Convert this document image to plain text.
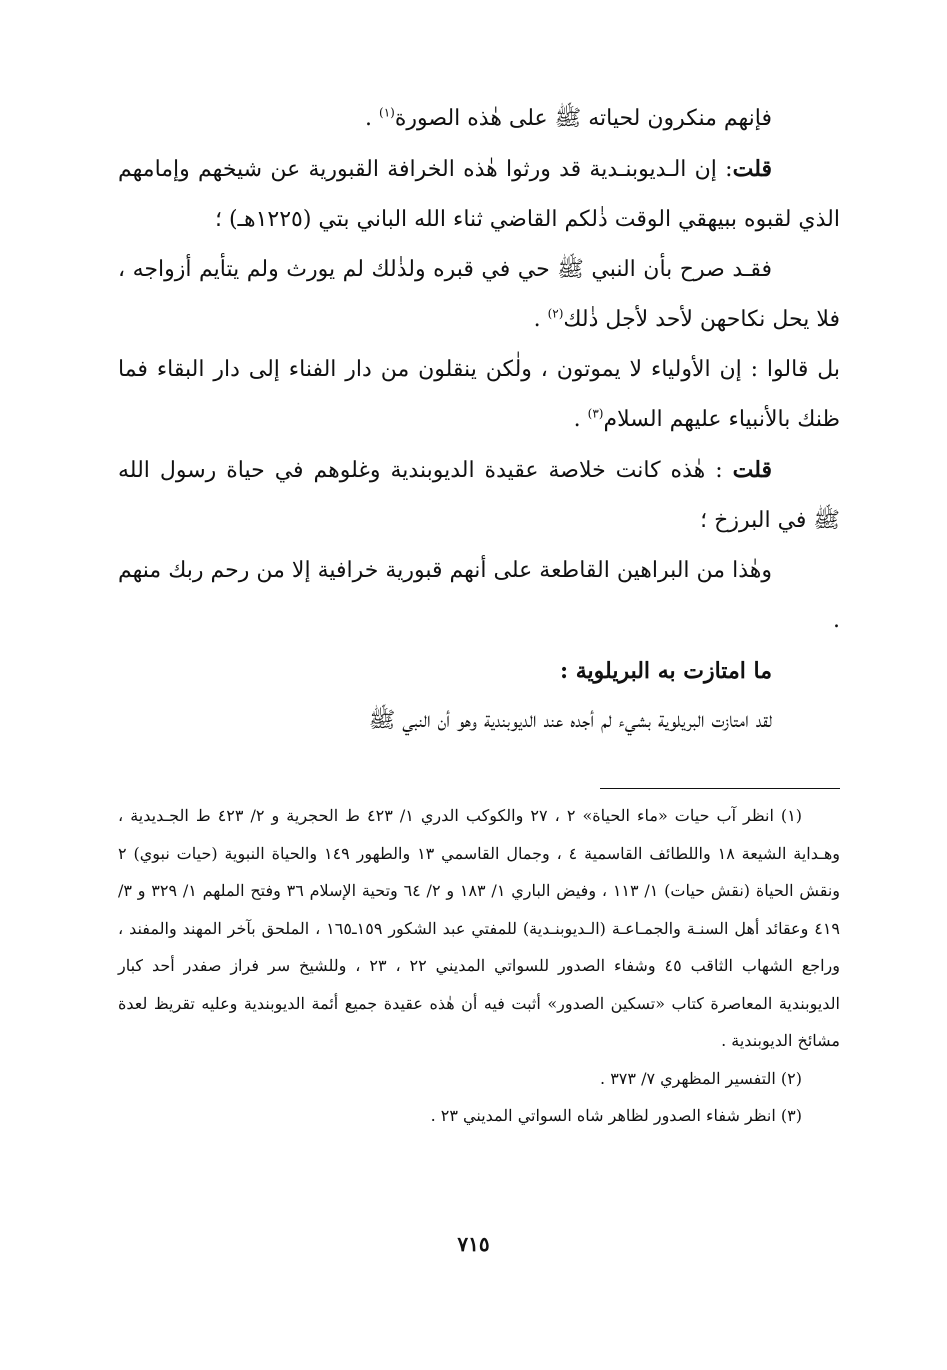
فإنهم منكرون لحياته ﷺ على هٰذه الصورة$^{(١)}$ .

قلت: إن الـديوبنـدية قد ورثوا هٰذه الخرافة القبورية عن شيخهم وإمامهم الذي لقبوه ببيهقي الوقت ذٰلكم القاضي ثناء الله الباني بتي (١٢٢٥هـ) ؛

فقـد صرح بأن النبي ﷺ حي في قبره ولذٰلك لم يورث ولم يتأيم أزواجه ، فلا يحل نكاحهن لأحد لأجل ذٰلك$^{(٢)}$ .

بل قالوا : إن الأولياء لا يموتون ، ولٰكن ينقلون من دار الفناء إلى دار البقاء فما ظنك بالأنبياء عليهم السلام$^{(٣)}$ .

قلت : هٰذه كانت خلاصة عقيدة الديوبندية وغلوهم في حياة رسول الله ﷺ في البرزخ ؛

وهٰذا من البراهين القاطعة على أنهم قبورية خرافية إلا من رحم ربك منهم .

ما امتازت به البريلوية :

لقد امتازت البريلوية بشيء لم أجده عند الديوبندية وهو أن النبي ﷺ

(١) انظر آب حيات «ماء الحياة» ٢ ، ٢٧ والكوكب الدري ١/ ٤٢٣ ط الحجرية و ٢/ ٤٢٣ ط الجـديدية ، وهـداية الشيعة ١٨ واللطائف القاسمية ٤ ، وجمال القاسمي ١٣ والطهور ١٤٩ والحياة النبوية (حيات نبوي) ٢ ونقش الحياة (نقش حيات) ١/ ١١٣ ، وفيض الباري ١/ ١٨٣ و ٢/ ٦٤ وتحية الإسلام ٣٦ وفتح الملهم ١/ ٣٢٩ و ٣/ ٤١٩ وعقائد أهل السنـة والجمـاعـة (الـديوبنـدية) للمفتي عبد الشكور ١٥٩ـ١٦٥ ، الملحق بآخر المهند والمفند ، وراجع الشهاب الثاقب ٤٥ وشفاء الصدور للسواتي المديني ٢٢ ، ٢٣ ، وللشيخ سر فراز صفدر أحد كبار الديوبندية المعاصرة كتاب «تسكين الصدور» أثبت فيه أن هٰذه عقيدة جميع أئمة الديوبندية وعليه تقريظ لعدة مشائخ الديوبندية .

(٢) التفسير المظهري ٧/ ٣٧٣ .

(٣) انظر شفاء الصدور لظاهر شاه السواتي المديني ٢٣ .

٧١٥
